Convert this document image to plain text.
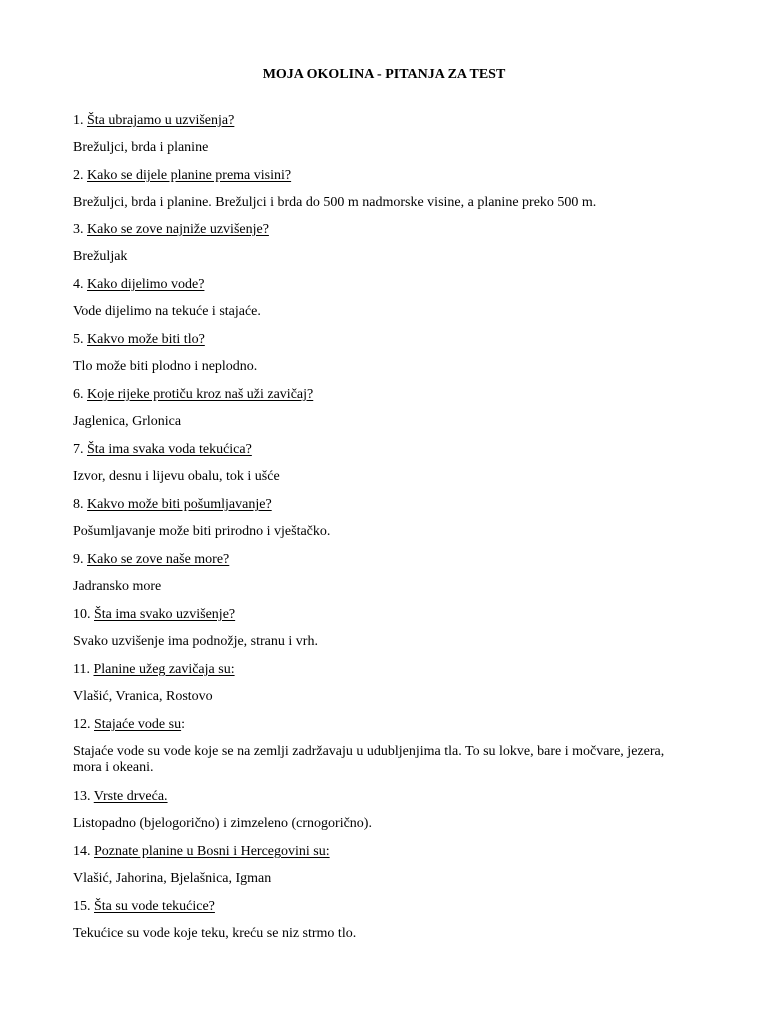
MOJA OKOLINA - PITANJA ZA TEST

1. Šta ubrajamo u uzvišenja?

Brežuljci, brda i planine

2. Kako se dijele planine prema visini?

Brežuljci, brda i planine. Brežuljci i brda do 500 m nadmorske visine, a planine preko 500 m.

3. Kako se zove najniže uzvišenje?

Brežuljak

4. Kako dijelimo vode?

Vode dijelimo na tekuće i stajaće.

5. Kakvo može biti tlo?

Tlo može biti plodno i neplodno.

6. Koje rijeke protiču kroz naš uži zavičaj?

Jaglenica, Grlonica

7. Šta ima svaka voda tekućica?

Izvor, desnu i lijevu obalu, tok i ušće

8. Kakvo može biti pošumljavanje?

Pošumljavanje može biti prirodno i vještačko.

9. Kako se zove naše more?

Jadransko more

10. Šta ima svako uzvišenje?

Svako uzvišenje ima podnožje, stranu i vrh.

11. Planine užeg zavičaja su:

Vlašić, Vranica, Rostovo

12. Stajaće vode su:

Stajaće vode su vode koje se na zemlji zadržavaju u udubljenjima tla. To su lokve, bare i močvare, jezera, mora i okeani.

13. Vrste drveća.

Listopadno (bjelogorično) i zimzeleno (crnogorično).

14. Poznate planine u Bosni i Hercegovini su:

Vlašić, Jahorina, Bjelašnica, Igman

15. Šta su vode tekućice?

Tekućice su vode koje teku, kreću se niz strmo tlo.
